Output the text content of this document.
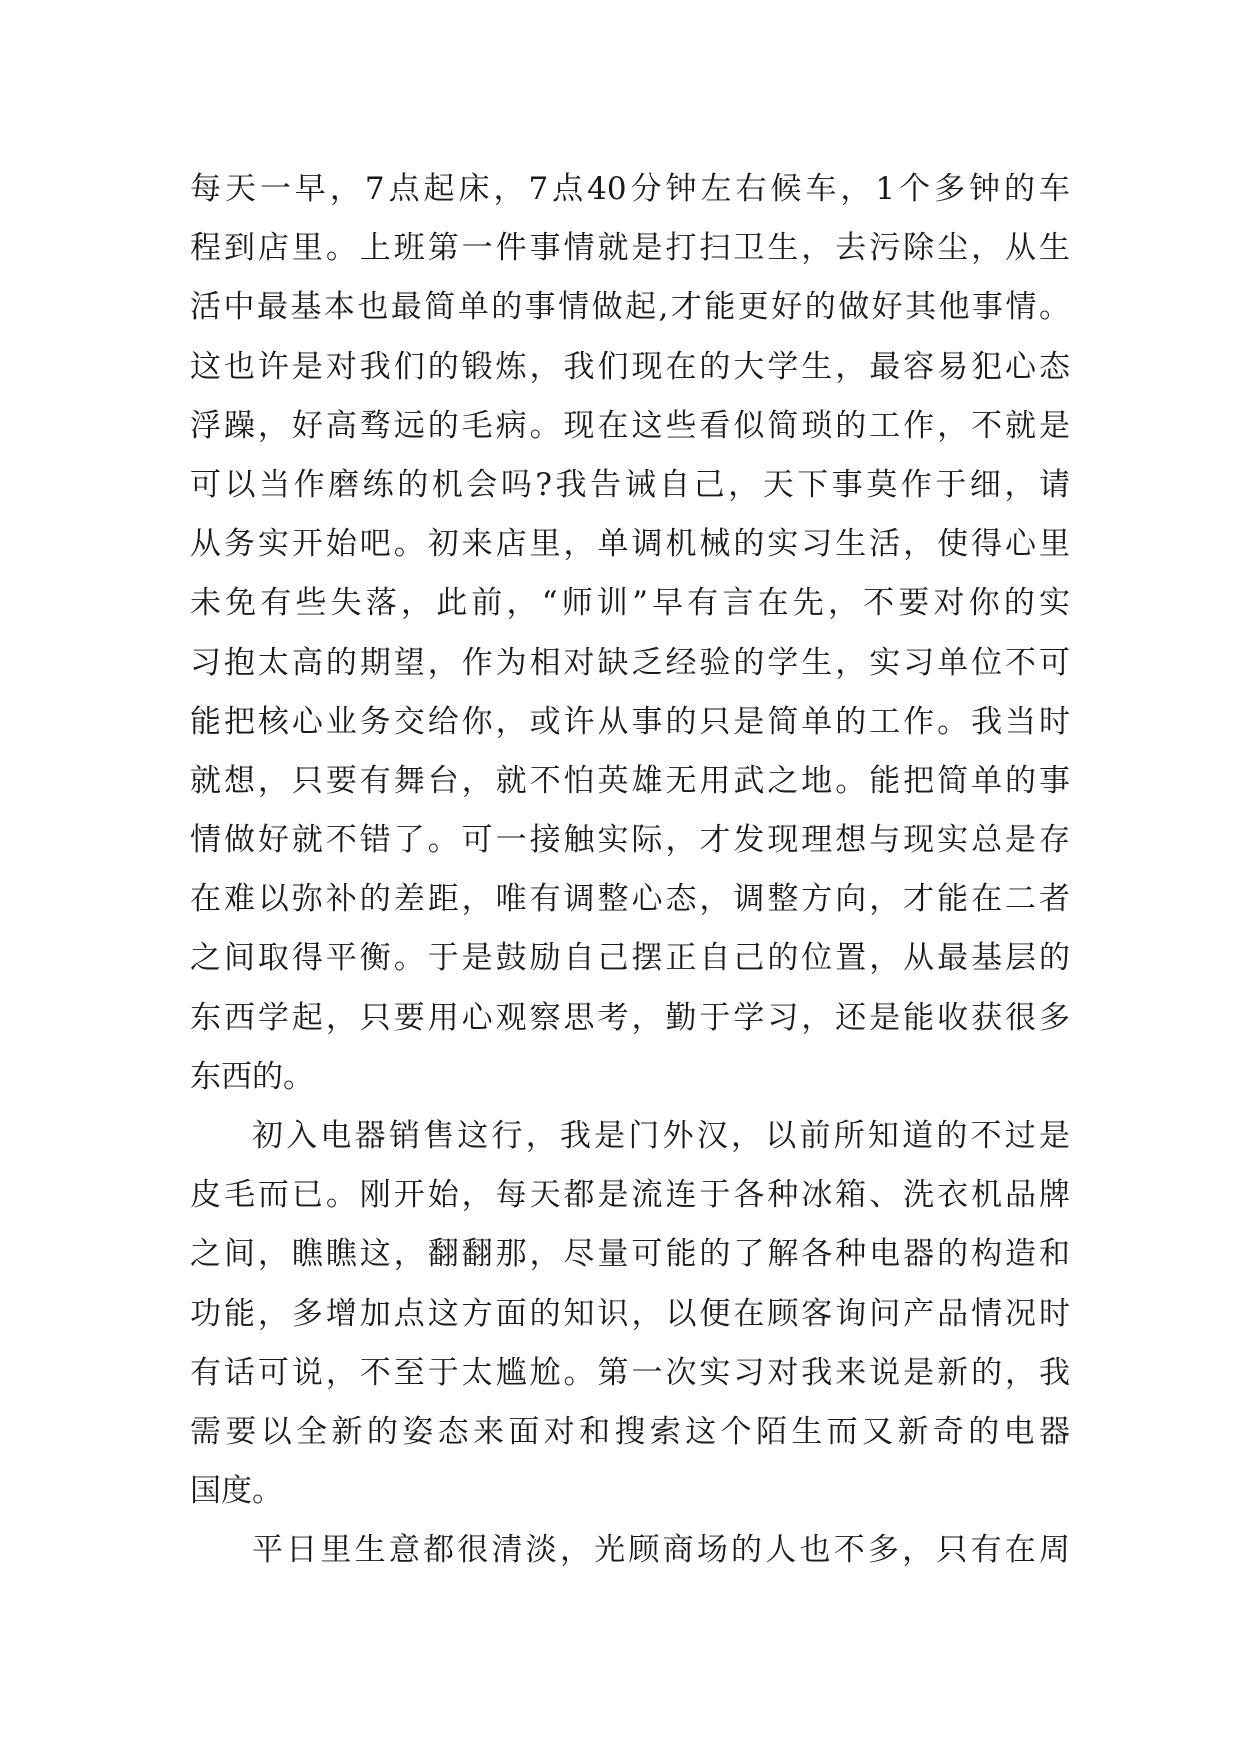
每天一早，7点起床，7点40分钟左右候车，1个多钟的车
程到店里。上班第一件事情就是打扫卫生，去污除尘，从生
活中最基本也最简单的事情做起,才能更好的做好其他事情。
这也许是对我们的锻炼，我们现在的大学生，最容易犯心态
浮躁，好高骛远的毛病。现在这些看似简琐的工作，不就是
可以当作磨练的机会吗?我告诫自己，天下事莫作于细，请
从务实开始吧。初来店里，单调机械的实习生活，使得心里
未免有些失落，此前，“师训”早有言在先，不要对你的实
习抱太高的期望，作为相对缺乏经验的学生，实习单位不可
能把核心业务交给你，或许从事的只是简单的工作。我当时
就想，只要有舞台，就不怕英雄无用武之地。能把简单的事
情做好就不错了。可一接触实际，才发现理想与现实总是存
在难以弥补的差距，唯有调整心态，调整方向，才能在二者
之间取得平衡。于是鼓励自己摆正自己的位置，从最基层的
东西学起，只要用心观察思考，勤于学习，还是能收获很多
东西的。
初入电器销售这行，我是门外汉，以前所知道的不过是
皮毛而已。刚开始，每天都是流连于各种冰箱、洗衣机品牌
之间，瞧瞧这，翻翻那，尽量可能的了解各种电器的构造和
功能，多增加点这方面的知识，以便在顾客询问产品情况时
有话可说，不至于太尴尬。第一次实习对我来说是新的，我
需要以全新的姿态来面对和搜索这个陌生而又新奇的电器
国度。
平日里生意都很清淡，光顾商场的人也不多，只有在周
